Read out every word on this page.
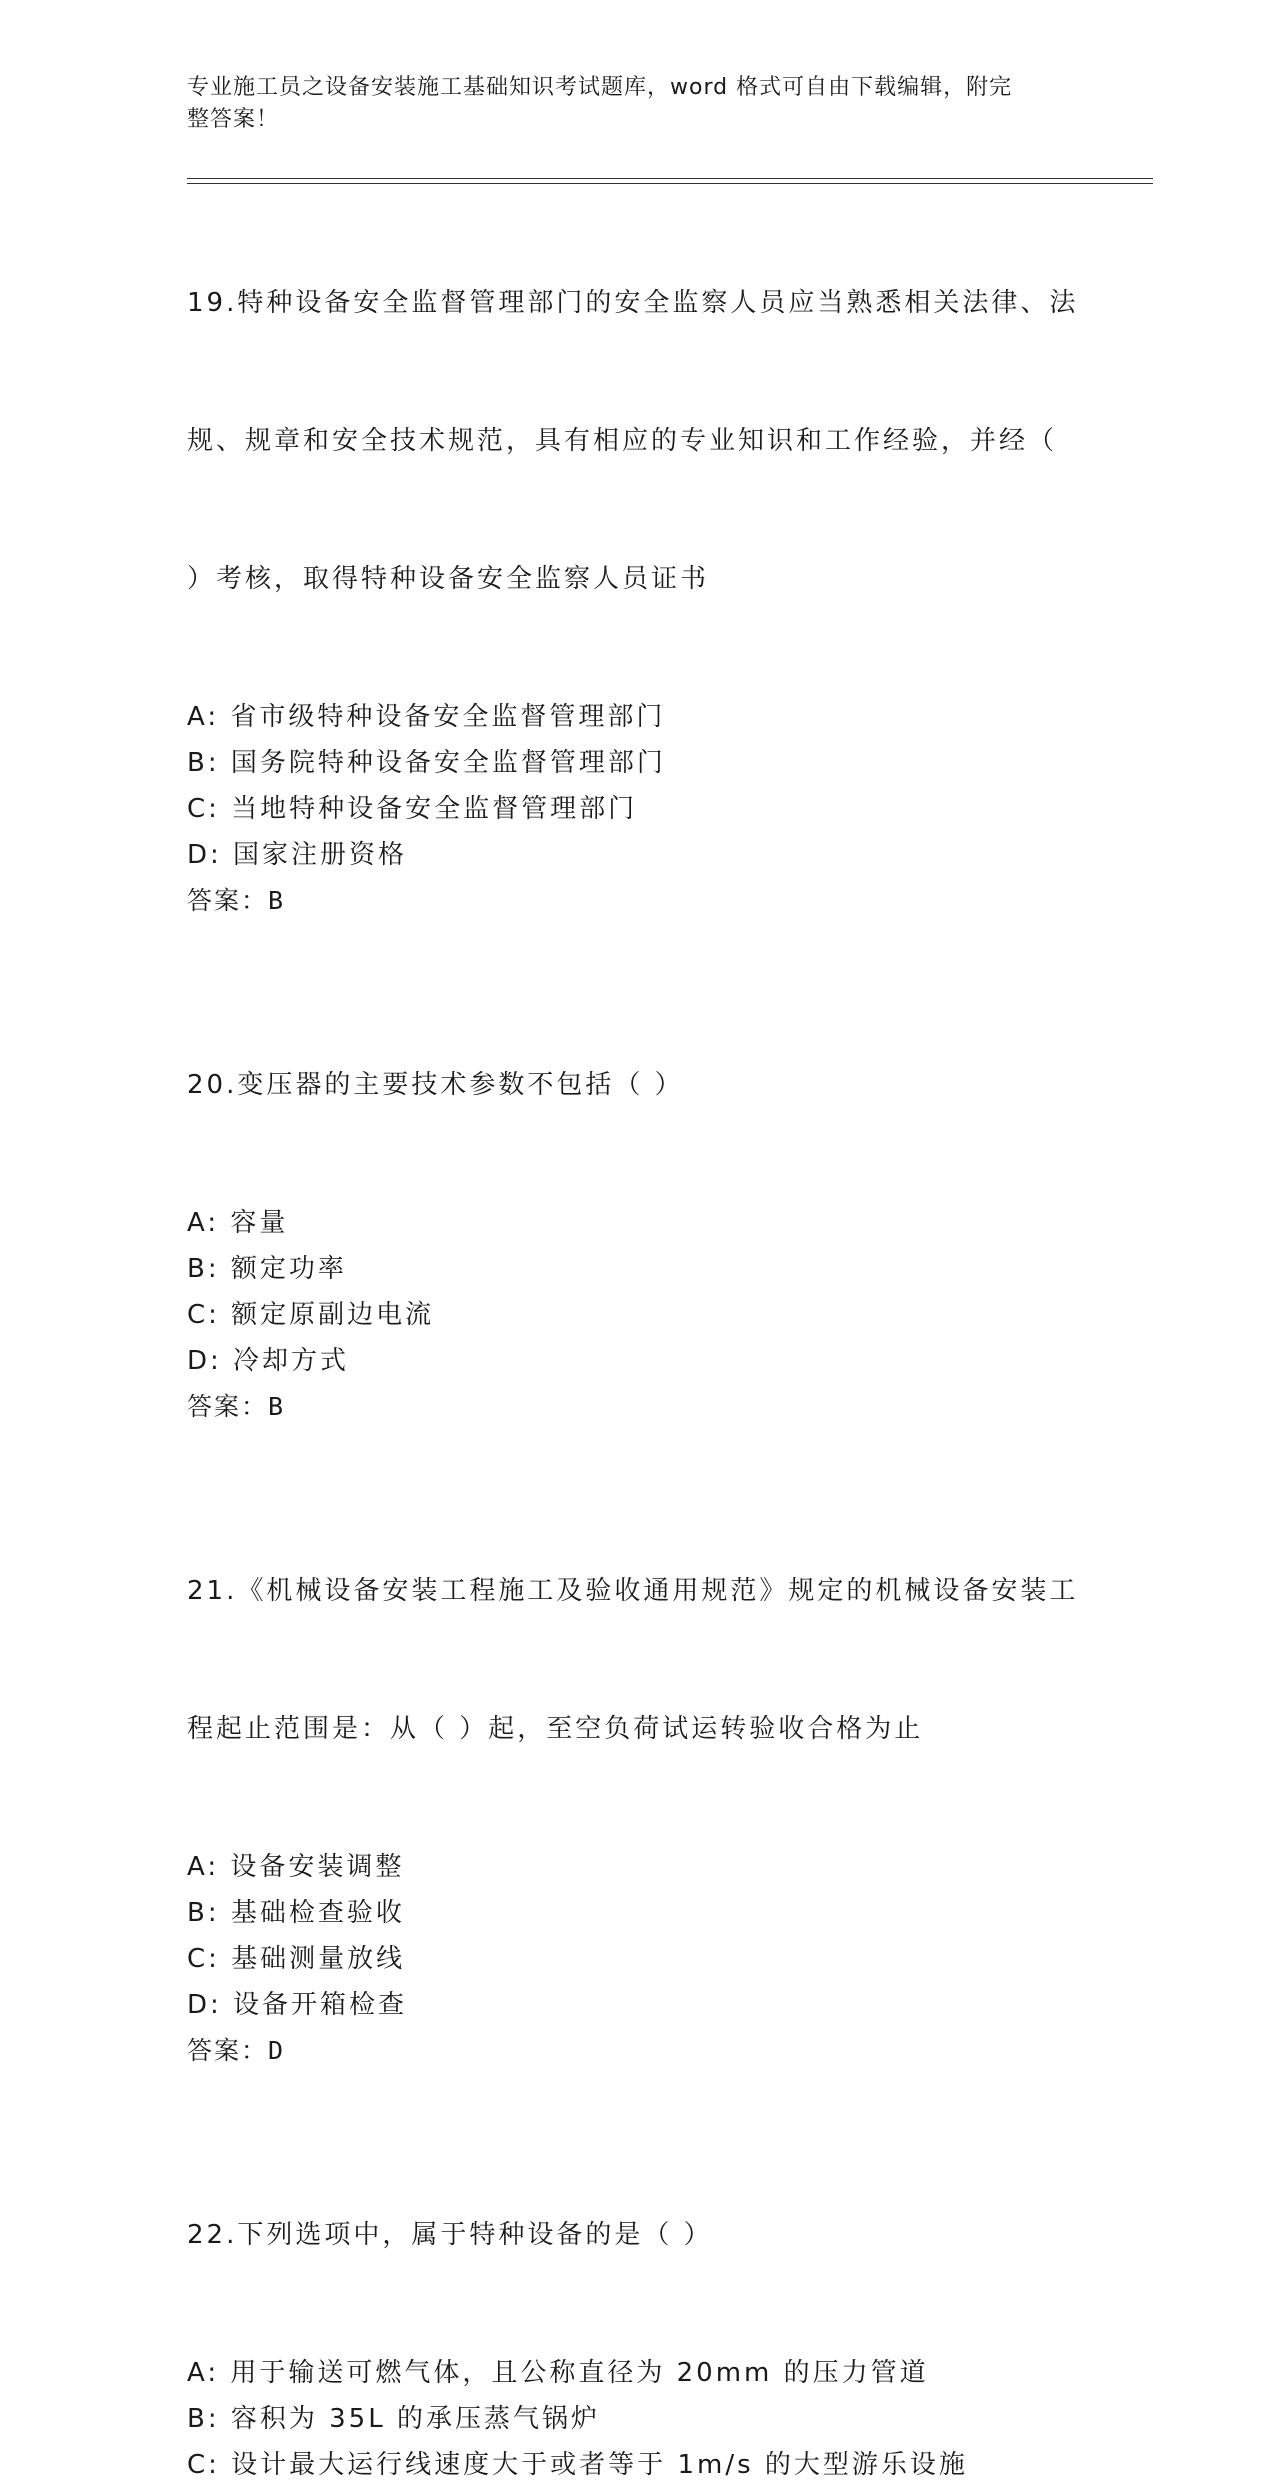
专业施工员之设备安装施工基础知识考试题库，word 格式可自由下载编辑，附完
整答案！

19.特种设备安全监督管理部门的安全监察人员应当熟悉相关法律、法

规、规章和安全技术规范，具有相应的专业知识和工作经验，并经（

）考核，取得特种设备安全监察人员证书

A: 省市级特种设备安全监督管理部门
B: 国务院特种设备安全监督管理部门
C: 当地特种设备安全监督管理部门
D: 国家注册资格
答案：B

20.变压器的主要技术参数不包括（ ）

A: 容量
B: 额定功率
C: 额定原副边电流
D: 冷却方式
答案：B

21.《机械设备安装工程施工及验收通用规范》规定的机械设备安装工

程起止范围是：从（ ）起，至空负荷试运转验收合格为止

A: 设备安装调整
B: 基础检查验收
C: 基础测量放线
D: 设备开箱检查
答案：D

22.下列选项中，属于特种设备的是（ ）

A: 用于输送可燃气体，且公称直径为 20mm 的压力管道
B: 容积为 35L 的承压蒸气锅炉
C: 设计最大运行线速度大于或者等于 1m/s 的大型游乐设施
